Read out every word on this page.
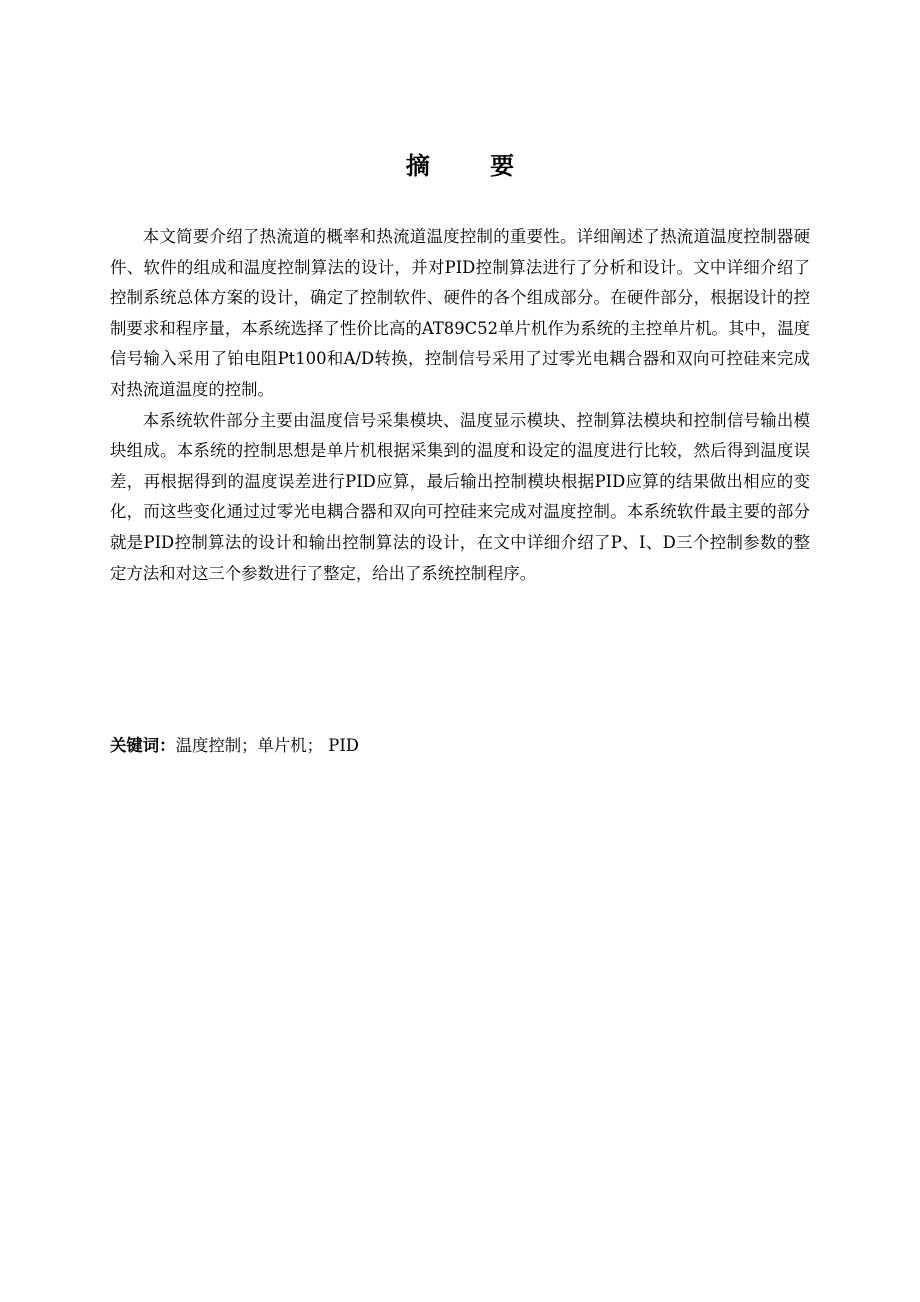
摘 要

本文简要介绍了热流道的概率和热流道温度控制的重要性。详细阐述了热流道温度控制器硬件、软件的组成和温度控制算法的设计，并对PID控制算法进行了分析和设计。文中详细介绍了控制系统总体方案的设计，确定了控制软件、硬件的各个组成部分。在硬件部分，根据设计的控制要求和程序量，本系统选择了性价比高的AT89C52单片机作为系统的主控单片机。其中，温度信号输入采用了铂电阻Pt100和A/D转换，控制信号采用了过零光电耦合器和双向可控硅来完成对热流道温度的控制。

本系统软件部分主要由温度信号采集模块、温度显示模块、控制算法模块和控制信号输出模块组成。本系统的控制思想是单片机根据采集到的温度和设定的温度进行比较，然后得到温度误差，再根据得到的温度误差进行PID应算，最后输出控制模块根据PID应算的结果做出相应的变化，而这些变化通过过零光电耦合器和双向可控硅来完成对温度控制。本系统软件最主要的部分就是PID控制算法的设计和输出控制算法的设计，在文中详细介绍了P、I、D三个控制参数的整定方法和对这三个参数进行了整定，给出了系统控制程序。

关键词：温度控制；单片机； PID
